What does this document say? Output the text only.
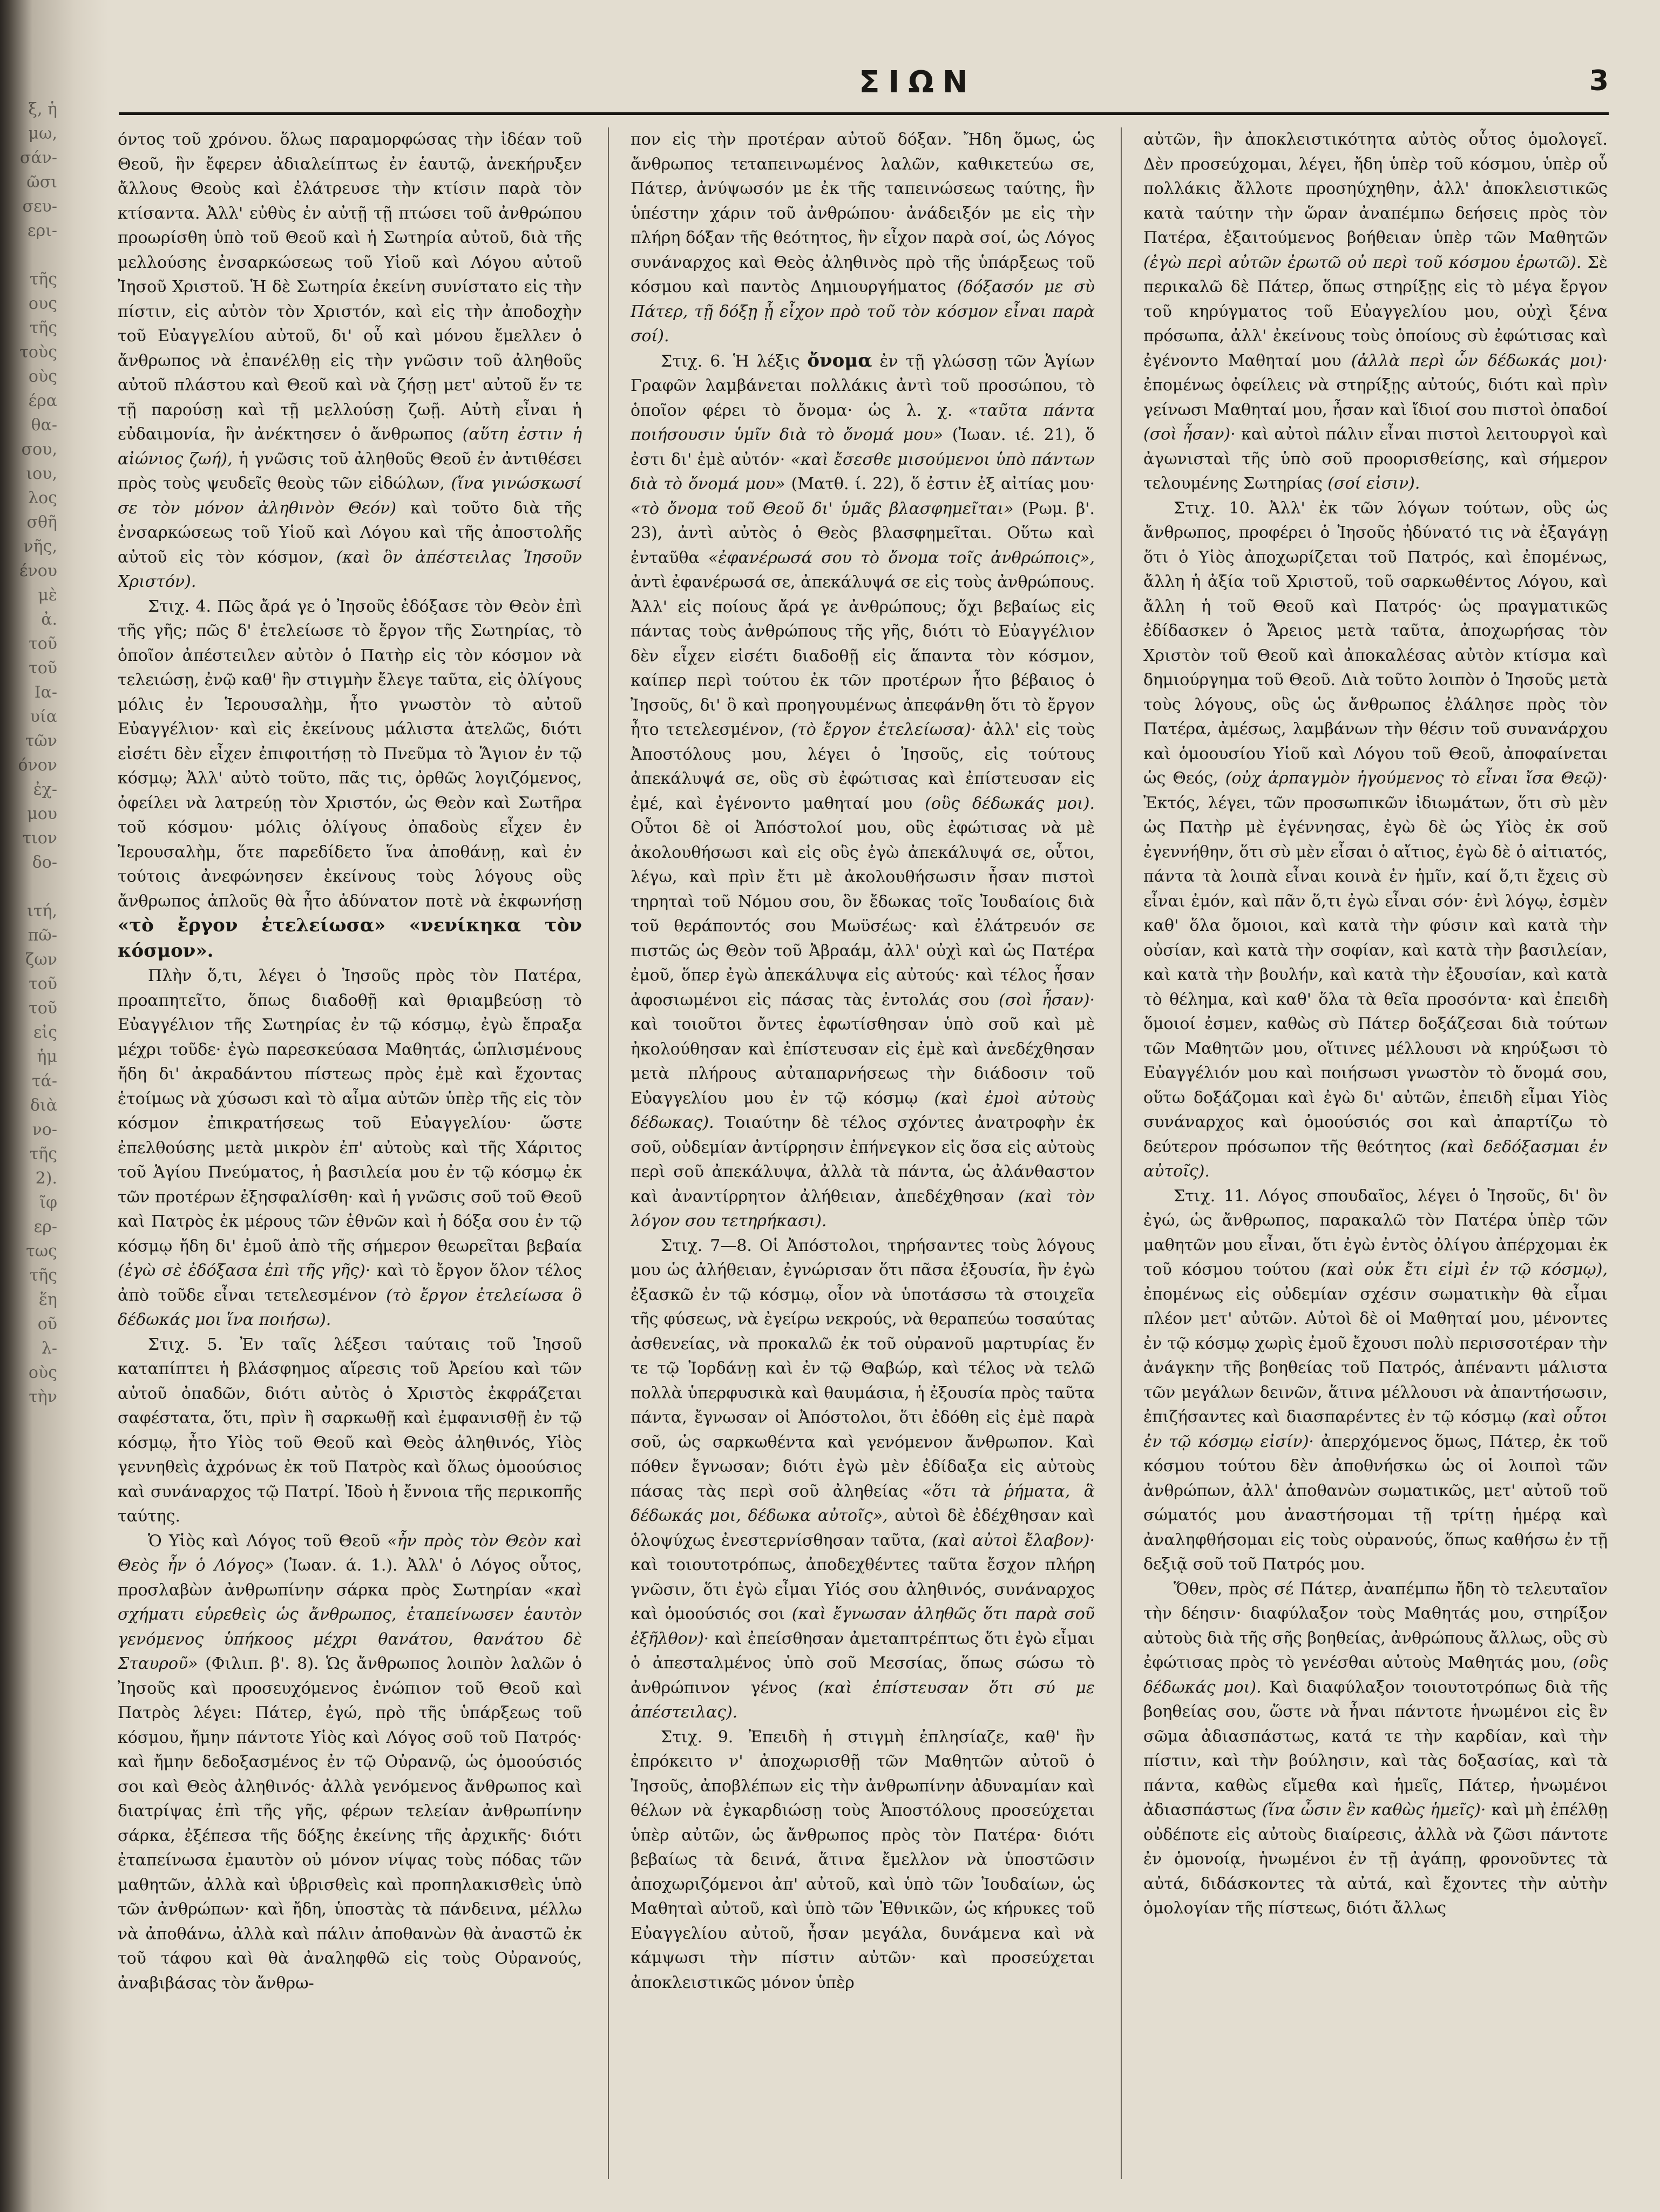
ξ, ἡ
μω,
σάν-
ῶσι
σευ-
ερι-

τῆς
ους
τῆς
τοὺς
οὺς
έρα
θα-
σου,
ιου,
λος
σθῆ
νῆς,
ένου
μὲ
ἀ.
τοῦ
τοῦ
Ια-
υία
τῶν
όνον
ἐχ-
μου
τιον
δο-

ιτή,
πῶ-
ζων
τοῦ
τοῦ
εἰς
ἡμ
τά-
διὰ
νο-
τῆς
2).
ῖφ
ερ-
τως
τῆς
ἕη
οῦ
λ-
οὺς
τὴν
ΣΙΩΝ	3

όντος τοῦ χρόνου. ὅλως παραμορφώσας τὴν ἰδέαν τοῦ Θεοῦ, ἣν ἔφερεν ἀδιαλείπτως ἐν ἑαυτῷ, ἀνεκήρυξεν ἄλλους Θεοὺς καὶ ἐλάτρευσε τὴν κτίσιν παρὰ τὸν κτίσαντα. Ἀλλ' εὐθὺς ἐν αὐτῇ τῇ πτώσει τοῦ ἀνθρώπου προωρίσθη ὑπὸ τοῦ Θεοῦ καὶ ἡ Σωτηρία αὐτοῦ, διὰ τῆς μελλούσης ἐνσαρκώσεως τοῦ Υἱοῦ καὶ Λόγου αὐτοῦ Ἰησοῦ Χριστοῦ. Ἡ δὲ Σωτηρία ἐκείνη συνίστατο εἰς τὴν πίστιν, εἰς αὐτὸν τὸν Χριστόν, καὶ εἰς τὴν ἀποδοχὴν τοῦ Εὐαγγελίου αὐτοῦ, δι' οὗ καὶ μόνου ἔμελλεν ὁ ἄνθρωπος νὰ ἐπανέλθῃ εἰς τὴν γνῶσιν τοῦ ἀληθοῦς αὐτοῦ πλάστου καὶ Θεοῦ καὶ νὰ ζήσῃ μετ' αὐτοῦ ἔν τε τῇ παρούσῃ καὶ τῇ μελλούσῃ ζωῇ. Αὐτὴ εἶναι ἡ εὐδαιμονία, ἣν ἀνέκτησεν ὁ ἄνθρωπος (αὕτη ἐστιν ἡ αἰώνιος ζωή), ἡ γνῶσις τοῦ ἀληθοῦς Θεοῦ ἐν ἀντιθέσει πρὸς τοὺς ψευδεῖς θεοὺς τῶν εἰδώλων, (ἵνα γινώσκωσί σε τὸν μόνον ἀληθινὸν Θεόν) καὶ τοῦτο διὰ τῆς ἐνσαρκώσεως τοῦ Υἱοῦ καὶ Λόγου καὶ τῆς ἀποστολῆς αὐτοῦ εἰς τὸν κόσμον, (καὶ ὃν ἀπέστειλας Ἰησοῦν Χριστόν).

Στιχ. 4. Πῶς ἄρά γε ὁ Ἰησοῦς ἐδόξασε τὸν Θεὸν ἐπὶ τῆς γῆς; πῶς δ' ἐτελείωσε τὸ ἔργον τῆς Σωτηρίας, τὸ ὁποῖον ἀπέστειλεν αὐτὸν ὁ Πατὴρ εἰς τὸν κόσμον νὰ τελειώσῃ, ἐνῷ καθ' ἣν στιγμὴν ἔλεγε ταῦτα, εἰς ὀλίγους μόλις ἐν Ἱερουσαλὴμ, ἦτο γνωστὸν τὸ αὐτοῦ Εὐαγγέλιον· καὶ εἰς ἐκείνους μάλιστα ἀτελῶς, διότι εἰσέτι δὲν εἶχεν ἐπιφοιτήσῃ τὸ Πνεῦμα τὸ Ἅγιον ἐν τῷ κόσμῳ; Ἀλλ' αὐτὸ τοῦτο, πᾶς τις, ὀρθῶς λογιζόμενος, ὀφείλει νὰ λατρεύῃ τὸν Χριστόν, ὡς Θεὸν καὶ Σωτῆρα τοῦ κόσμου· μόλις ὀλίγους ὀπαδοὺς εἶχεν ἐν Ἱερουσαλὴμ, ὅτε παρεδίδετο ἵνα ἀποθάνῃ, καὶ ἐν τούτοις ἀνεφώνησεν ἐκείνους τοὺς λόγους οὓς ἄνθρωπος ἁπλοῦς θὰ ἦτο ἀδύνατον ποτὲ νὰ ἐκφωνήσῃ «τὸ ἔργον ἐτελείωσα» «νενίκηκα τὸν κόσμον».

Πλὴν ὅ,τι, λέγει ὁ Ἰησοῦς πρὸς τὸν Πατέρα, προαπητεῖτο, ὅπως διαδοθῇ καὶ θριαμβεύσῃ τὸ Εὐαγγέλιον τῆς Σωτηρίας ἐν τῷ κόσμῳ, ἐγὼ ἔπραξα μέχρι τοῦδε· ἐγὼ παρεσκεύασα Μαθητάς, ὡπλισμένους ἤδη δι' ἀκραδάντου πίστεως πρὸς ἐμὲ καὶ ἔχοντας ἑτοίμως νὰ χύσωσι καὶ τὸ αἷμα αὐτῶν ὑπὲρ τῆς εἰς τὸν κόσμον ἐπικρατήσεως τοῦ Εὐαγγελίου· ὥστε ἐπελθούσης μετὰ μικρὸν ἐπ' αὐτοὺς καὶ τῆς Χάριτος τοῦ Ἁγίου Πνεύματος, ἡ βασιλεία μου ἐν τῷ κόσμῳ ἐκ τῶν προτέρων ἐξησφαλίσθη· καὶ ἡ γνῶσις σοῦ τοῦ Θεοῦ καὶ Πατρὸς ἐκ μέρους τῶν ἐθνῶν καὶ ἡ δόξα σου ἐν τῷ κόσμῳ ἤδη δι' ἐμοῦ ἀπὸ τῆς σήμερον θεωρεῖται βεβαία (ἐγὼ σὲ ἐδόξασα ἐπὶ τῆς γῆς)· καὶ τὸ ἔργον ὅλον τέλος ἀπὸ τοῦδε εἶναι τετελεσμένον (τὸ ἔργον ἐτελείωσα ὃ δέδωκάς μοι ἵνα ποιήσω).

Στιχ. 5. Ἐν ταῖς λέξεσι ταύταις τοῦ Ἰησοῦ καταπίπτει ἡ βλάσφημος αἵρεσις τοῦ Ἀρείου καὶ τῶν αὐτοῦ ὀπαδῶν, διότι αὐτὸς ὁ Χριστὸς ἐκφράζεται σαφέστατα, ὅτι, πρὶν ἢ σαρκωθῇ καὶ ἐμφανισθῇ ἐν τῷ κόσμῳ, ἦτο Υἱὸς τοῦ Θεοῦ καὶ Θεὸς ἀληθινός, Υἱὸς γεννηθεὶς ἀχρόνως ἐκ τοῦ Πατρὸς καὶ ὅλως ὁμοούσιος καὶ συνάναρχος τῷ Πατρί. Ἰδοὺ ἡ ἔννοια τῆς περικοπῆς ταύτης.

Ὁ Υἱὸς καὶ Λόγος τοῦ Θεοῦ «ἦν πρὸς τὸν Θεὸν καὶ Θεὸς ἦν ὁ Λόγος» (Ἰωαν. ά. 1.). Ἀλλ' ὁ Λόγος οὗτος, προσλαβὼν ἀνθρωπίνην σάρκα πρὸς Σωτηρίαν «καὶ σχήματι εὑρεθεὶς ὡς ἄνθρωπος, ἐταπείνωσεν ἑαυτὸν γενόμενος ὑπήκοος μέχρι θανάτου, θανάτου δὲ Σταυροῦ» (Φιλιπ. β'. 8). Ὡς ἄνθρωπος λοιπὸν λαλῶν ὁ Ἰησοῦς καὶ προσευχόμενος ἐνώπιον τοῦ Θεοῦ καὶ Πατρὸς λέγει: Πάτερ, ἐγώ, πρὸ τῆς ὑπάρξεως τοῦ κόσμου, ἤμην πάντοτε Υἱὸς καὶ Λόγος σοῦ τοῦ Πατρός· καὶ ἤμην δεδοξασμένος ἐν τῷ Οὐρανῷ, ὡς ὁμοούσιός σοι καὶ Θεὸς ἀληθινός· ἀλλὰ γενόμενος ἄνθρωπος καὶ διατρίψας ἐπὶ τῆς γῆς, φέρων τελείαν ἀνθρωπίνην σάρκα, ἐξέπεσα τῆς δόξης ἐκείνης τῆς ἀρχικῆς· διότι ἐταπείνωσα ἐμαυτὸν οὐ μόνον νίψας τοὺς πόδας τῶν μαθητῶν, ἀλλὰ καὶ ὑβρισθεὶς καὶ προπηλακισθεὶς ὑπὸ τῶν ἀνθρώπων· καὶ ἤδη, ὑποστὰς τὰ πάνδεινα, μέλλω νὰ ἀποθάνω, ἀλλὰ καὶ πάλιν ἀποθανὼν θὰ ἀναστῶ ἐκ τοῦ τάφου καὶ θὰ ἀναληφθῶ εἰς τοὺς Οὐρανούς, ἀναβιβάσας τὸν ἄνθρω-

πον εἰς τὴν προτέραν αὐτοῦ δόξαν. Ἤδη ὅμως, ὡς ἄνθρωπος τεταπεινωμένος λαλῶν, καθικετεύω σε, Πάτερ, ἀνύψωσόν με ἐκ τῆς ταπεινώσεως ταύτης, ἣν ὑπέστην χάριν τοῦ ἀνθρώπου· ἀνάδειξόν με εἰς τὴν πλήρη δόξαν τῆς θεότητος, ἣν εἶχον παρὰ σοί, ὡς Λόγος συνάναρχος καὶ Θεὸς ἀληθινὸς πρὸ τῆς ὑπάρξεως τοῦ κόσμου καὶ παντὸς Δημιουργήματος (δόξασόν με σὺ Πάτερ, τῇ δόξῃ ᾗ εἶχον πρὸ τοῦ τὸν κόσμον εἶναι παρὰ σοί).

Στιχ. 6. Ἡ λέξις ὄνομα ἐν τῇ γλώσσῃ τῶν Ἁγίων Γραφῶν λαμβάνεται πολλάκις ἀντὶ τοῦ προσώπου, τὸ ὁποῖον φέρει τὸ ὄνομα· ὡς λ. χ. «ταῦτα πάντα ποιήσουσιν ὑμῖν διὰ τὸ ὄνομά μου» (Ἰωαν. ιέ. 21), ὅ ἐστι δι' ἐμὲ αὐτόν· «καὶ ἔσεσθε μισούμενοι ὑπὸ πάντων διὰ τὸ ὄνομά μου» (Ματθ. ί. 22), ὅ ἐστιν ἐξ αἰτίας μου· «τὸ ὄνομα τοῦ Θεοῦ δι' ὑμᾶς βλασφημεῖται» (Ρωμ. β'. 23), ἀντὶ αὐτὸς ὁ Θεὸς βλασφημεῖται. Οὕτω καὶ ἐνταῦθα «ἐφανέρωσά σου τὸ ὄνομα τοῖς ἀνθρώποις», ἀντὶ ἐφανέρωσά σε, ἀπεκάλυψά σε εἰς τοὺς ἀνθρώπους. Ἀλλ' εἰς ποίους ἄρά γε ἀνθρώπους; ὄχι βεβαίως εἰς πάντας τοὺς ἀνθρώπους τῆς γῆς, διότι τὸ Εὐαγγέλιον δὲν εἶχεν εἰσέτι διαδοθῇ εἰς ἅπαντα τὸν κόσμον, καίπερ περὶ τούτου ἐκ τῶν προτέρων ἦτο βέβαιος ὁ Ἰησοῦς, δι' ὃ καὶ προηγουμένως ἀπεφάνθη ὅτι τὸ ἔργον ἦτο τετελεσμένον, (τὸ ἔργον ἐτελείωσα)· ἀλλ' εἰς τοὺς Ἀποστόλους μου, λέγει ὁ Ἰησοῦς, εἰς τούτους ἀπεκάλυψά σε, οὓς σὺ ἐφώτισας καὶ ἐπίστευσαν εἰς ἐμέ, καὶ ἐγένοντο μαθηταί μου (οὓς δέδωκάς μοι). Οὗτοι δὲ οἱ Ἀπόστολοί μου, οὓς ἐφώτισας νὰ μὲ ἀκολουθήσωσι καὶ εἰς οὓς ἐγὼ ἀπεκάλυψά σε, οὗτοι, λέγω, καὶ πρὶν ἔτι μὲ ἀκολουθήσωσιν ἦσαν πιστοὶ τηρηταὶ τοῦ Νόμου σου, ὃν ἔδωκας τοῖς Ἰουδαίοις διὰ τοῦ θεράποντός σου Μωϋσέως· καὶ ἐλάτρευόν σε πιστῶς ὡς Θεὸν τοῦ Ἀβραάμ, ἀλλ' οὐχὶ καὶ ὡς Πατέρα ἐμοῦ, ὅπερ ἐγὼ ἀπεκάλυψα εἰς αὐτούς· καὶ τέλος ἦσαν ἀφοσιωμένοι εἰς πάσας τὰς ἐντολάς σου (σοὶ ἦσαν)· καὶ τοιοῦτοι ὄντες ἐφωτίσθησαν ὑπὸ σοῦ καὶ μὲ ἠκολούθησαν καὶ ἐπίστευσαν εἰς ἐμὲ καὶ ἀνεδέχθησαν μετὰ πλήρους αὐταπαρνήσεως τὴν διάδοσιν τοῦ Εὐαγγελίου μου ἐν τῷ κόσμῳ (καὶ ἐμοὶ αὐτοὺς δέδωκας). Τοιαύτην δὲ τέλος σχόντες ἀνατροφὴν ἐκ σοῦ, οὐδεμίαν ἀντίρρησιν ἐπήνεγκον εἰς ὅσα εἰς αὐτοὺς περὶ σοῦ ἀπεκάλυψα, ἀλλὰ τὰ πάντα, ὡς ἀλάνθαστον καὶ ἀναντίρρητον ἀλήθειαν, ἀπεδέχθησαν (καὶ τὸν λόγον σου τετηρήκασι).

Στιχ. 7—8. Οἱ Ἀπόστολοι, τηρήσαντες τοὺς λόγους μου ὡς ἀλήθειαν, ἐγνώρισαν ὅτι πᾶσα ἐξουσία, ἣν ἐγὼ ἐξασκῶ ἐν τῷ κόσμῳ, οἷον νὰ ὑποτάσσω τὰ στοιχεῖα τῆς φύσεως, νὰ ἐγείρω νεκρούς, νὰ θεραπεύω τοσαύτας ἀσθενείας, νὰ προκαλῶ ἐκ τοῦ οὐρανοῦ μαρτυρίας ἔν τε τῷ Ἰορδάνῃ καὶ ἐν τῷ Θαβώρ, καὶ τέλος νὰ τελῶ πολλὰ ὑπερφυσικὰ καὶ θαυμάσια, ἡ ἐξουσία πρὸς ταῦτα πάντα, ἔγνωσαν οἱ Ἀπόστολοι, ὅτι ἐδόθη εἰς ἐμὲ παρὰ σοῦ, ὡς σαρκωθέντα καὶ γενόμενον ἄνθρωπον. Καὶ πόθεν ἔγνωσαν; διότι ἐγὼ μὲν ἐδίδαξα εἰς αὐτοὺς πάσας τὰς περὶ σοῦ ἀληθείας «ὅτι τὰ ῥήματα, ἃ δέδωκάς μοι, δέδωκα αὐτοῖς», αὐτοὶ δὲ ἐδέχθησαν καὶ ὁλοψύχως ἐνεστερνίσθησαν ταῦτα, (καὶ αὐτοὶ ἔλαβον)· καὶ τοιουτοτρόπως, ἀποδεχθέντες ταῦτα ἔσχον πλήρη γνῶσιν, ὅτι ἐγὼ εἶμαι Υἱός σου ἀληθινός, συνάναρχος καὶ ὁμοούσιός σοι (καὶ ἔγνωσαν ἀληθῶς ὅτι παρὰ σοῦ ἐξῆλθον)· καὶ ἐπείσθησαν ἀμεταπτρέπτως ὅτι ἐγὼ εἶμαι ὁ ἀπεσταλμένος ὑπὸ σοῦ Μεσσίας, ὅπως σώσω τὸ ἀνθρώπινον γένος (καὶ ἐπίστευσαν ὅτι σύ με ἀπέστειλας).

Στιχ. 9. Ἐπειδὴ ἡ στιγμὴ ἐπλησίαζε, καθ' ἣν ἐπρόκειτο ν' ἀποχωρισθῇ τῶν Μαθητῶν αὐτοῦ ὁ Ἰησοῦς, ἀποβλέπων εἰς τὴν ἀνθρωπίνην ἀδυναμίαν καὶ θέλων νὰ ἐγκαρδιώσῃ τοὺς Ἀποστόλους προσεύχεται ὑπὲρ αὐτῶν, ὡς ἄνθρωπος πρὸς τὸν Πατέρα· διότι βεβαίως τὰ δεινά, ἅτινα ἔμελλον νὰ ὑποστῶσιν ἀποχωριζόμενοι ἀπ' αὐτοῦ, καὶ ὑπὸ τῶν Ἰουδαίων, ὡς Μαθηταὶ αὐτοῦ, καὶ ὑπὸ τῶν Ἐθνικῶν, ὡς κήρυκες τοῦ Εὐαγγελίου αὐτοῦ, ἦσαν μεγάλα, δυνάμενα καὶ νὰ κάμψωσι τὴν πίστιν αὐτῶν· καὶ προσεύχεται ἀποκλειστικῶς μόνον ὑπὲρ

αὐτῶν, ἣν ἀποκλειστικότητα αὐτὸς οὗτος ὁμολογεῖ. Δὲν προσεύχομαι, λέγει, ἤδη ὑπὲρ τοῦ κόσμου, ὑπὲρ οὗ πολλάκις ἄλλοτε προσηύχηθην, ἀλλ' ἀποκλειστικῶς κατὰ ταύτην τὴν ὥραν ἀναπέμπω δεήσεις πρὸς τὸν Πατέρα, ἐξαιτούμενος βοήθειαν ὑπὲρ τῶν Μαθητῶν (ἐγὼ περὶ αὐτῶν ἐρωτῶ οὐ περὶ τοῦ κόσμου ἐρωτῶ). Σὲ περικαλῶ δὲ Πάτερ, ὅπως στηρίξῃς εἰς τὸ μέγα ἔργον τοῦ κηρύγματος τοῦ Εὐαγγελίου μου, οὐχὶ ξένα πρόσωπα, ἀλλ' ἐκείνους τοὺς ὁποίους σὺ ἐφώτισας καὶ ἐγένοντο Μαθηταί μου (ἀλλὰ περὶ ὧν δέδωκάς μοι)· ἐπομένως ὀφείλεις νὰ στηρίξῃς αὐτούς, διότι καὶ πρὶν γείνωσι Μαθηταί μου, ἦσαν καὶ ἴδιοί σου πιστοὶ ὀπαδοί (σοὶ ἦσαν)· καὶ αὐτοὶ πάλιν εἶναι πιστοὶ λειτουργοὶ καὶ ἀγωνισταὶ τῆς ὑπὸ σοῦ προορισθείσης, καὶ σήμερον τελουμένης Σωτηρίας (σοί εἰσιν).

Στιχ. 10. Ἀλλ' ἐκ τῶν λόγων τούτων, οὓς ὡς ἄνθρωπος, προφέρει ὁ Ἰησοῦς ἠδύνατό τις νὰ ἐξαγάγῃ ὅτι ὁ Υἱὸς ἀποχωρίζεται τοῦ Πατρός, καὶ ἐπομένως, ἄλλη ἡ ἀξία τοῦ Χριστοῦ, τοῦ σαρκωθέντος Λόγου, καὶ ἄλλη ἡ τοῦ Θεοῦ καὶ Πατρός· ὡς πραγματικῶς ἐδίδασκεν ὁ Ἄρειος μετὰ ταῦτα, ἀποχωρήσας τὸν Χριστὸν τοῦ Θεοῦ καὶ ἀποκαλέσας αὐτὸν κτίσμα καὶ δημιούργημα τοῦ Θεοῦ. Διὰ τοῦτο λοιπὸν ὁ Ἰησοῦς μετὰ τοὺς λόγους, οὓς ὡς ἄνθρωπος ἐλάλησε πρὸς τὸν Πατέρα, ἀμέσως, λαμβάνων τὴν θέσιν τοῦ συνανάρχου καὶ ὁμοουσίου Υἱοῦ καὶ Λόγου τοῦ Θεοῦ, ἀποφαίνεται ὡς Θεός, (οὐχ ἁρπαγμὸν ἡγούμενος τὸ εἶναι ἴσα Θεῷ)· Ἐκτός, λέγει, τῶν προσωπικῶν ἰδιωμάτων, ὅτι σὺ μὲν ὡς Πατὴρ μὲ ἐγέννησας, ἐγὼ δὲ ὡς Υἱὸς ἐκ σοῦ ἐγεννήθην, ὅτι σὺ μὲν εἶσαι ὁ αἴτιος, ἐγὼ δὲ ὁ αἰτιατός, πάντα τὰ λοιπὰ εἶναι κοινὰ ἐν ἡμῖν, καί ὅ,τι ἔχεις σὺ εἶναι ἐμόν, καὶ πᾶν ὅ,τι ἐγὼ εἶναι σόν· ἑνὶ λόγῳ, ἐσμὲν καθ' ὅλα ὅμοιοι, καὶ κατὰ τὴν φύσιν καὶ κατὰ τὴν οὐσίαν, καὶ κατὰ τὴν σοφίαν, καὶ κατὰ τὴν βασιλείαν, καὶ κατὰ τὴν βουλήν, καὶ κατὰ τὴν ἐξουσίαν, καὶ κατὰ τὸ θέλημα, καὶ καθ' ὅλα τὰ θεῖα προσόντα· καὶ ἐπειδὴ ὅμοιοί ἐσμεν, καθὼς σὺ Πάτερ δοξάζεσαι διὰ τούτων τῶν Μαθητῶν μου, οἵτινες μέλλουσι νὰ κηρύξωσι τὸ Εὐαγγέλιόν μου καὶ ποιήσωσι γνωστὸν τὸ ὄνομά σου, οὕτω δοξάζομαι καὶ ἐγὼ δι' αὐτῶν, ἐπειδὴ εἶμαι Υἱὸς συνάναρχος καὶ ὁμοούσιός σοι καὶ ἀπαρτίζω τὸ δεύτερον πρόσωπον τῆς θεότητος (καὶ δεδόξασμαι ἐν αὐτοῖς).

Στιχ. 11. Λόγος σπουδαῖος, λέγει ὁ Ἰησοῦς, δι' ὃν ἐγώ, ὡς ἄνθρωπος, παρακαλῶ τὸν Πατέρα ὑπὲρ τῶν μαθητῶν μου εἶναι, ὅτι ἐγὼ ἐντὸς ὀλίγου ἀπέρχομαι ἐκ τοῦ κόσμου τούτου (καὶ οὐκ ἔτι εἰμὶ ἐν τῷ κόσμῳ), ἐπομένως εἰς οὐδεμίαν σχέσιν σωματικὴν θὰ εἶμαι πλέον μετ' αὐτῶν. Αὐτοὶ δὲ οἱ Μαθηταί μου, μένοντες ἐν τῷ κόσμῳ χωρὶς ἐμοῦ ἔχουσι πολὺ περισσοτέραν τὴν ἀνάγκην τῆς βοηθείας τοῦ Πατρός, ἀπέναντι μάλιστα τῶν μεγάλων δεινῶν, ἅτινα μέλλουσι νὰ ἀπαντήσωσιν, ἐπιζήσαντες καὶ διασπαρέντες ἐν τῷ κόσμῳ (καὶ οὗτοι ἐν τῷ κόσμῳ εἰσίν)· ἀπερχόμενος ὅμως, Πάτερ, ἐκ τοῦ κόσμου τούτου δὲν ἀποθνήσκω ὡς οἱ λοιποὶ τῶν ἀνθρώπων, ἀλλ' ἀποθανὼν σωματικῶς, μετ' αὐτοῦ τοῦ σώματός μου ἀναστήσομαι τῇ τρίτῃ ἡμέρᾳ καὶ ἀναληφθήσομαι εἰς τοὺς οὐρανούς, ὅπως καθήσω ἐν τῇ δεξιᾷ σοῦ τοῦ Πατρός μου.

Ὅθεν, πρὸς σέ Πάτερ, ἀναπέμπω ἤδη τὸ τελευταῖον τὴν δέησιν· διαφύλαξον τοὺς Μαθητάς μου, στηρίξον αὐτοὺς διὰ τῆς σῆς βοηθείας, ἀνθρώπους ἄλλως, οὓς σὺ ἐφώτισας πρὸς τὸ γενέσθαι αὐτοὺς Μαθητάς μου, (οὓς δέδωκάς μοι). Καὶ διαφύλαξον τοιουτοτρόπως διὰ τῆς βοηθείας σου, ὥστε νὰ ἦναι πάντοτε ἡνωμένοι εἰς ἓν σῶμα ἀδιασπάστως, κατά τε τὴν καρδίαν, καὶ τὴν πίστιν, καὶ τὴν βούλησιν, καὶ τὰς δοξασίας, καὶ τὰ πάντα, καθὼς εἴμεθα καὶ ἡμεῖς, Πάτερ, ἡνωμένοι ἀδιασπάστως (ἵνα ὦσιν ἓν καθὼς ἡμεῖς)· καὶ μὴ ἐπέλθῃ οὐδέποτε εἰς αὐτοὺς διαίρεσις, ἀλλὰ νὰ ζῶσι πάντοτε ἐν ὁμονοίᾳ, ἡνωμένοι ἐν τῇ ἀγάπῃ, φρονοῦντες τὰ αὐτά, διδάσκοντες τὰ αὐτά, καὶ ἔχοντες τὴν αὐτὴν ὁμολογίαν τῆς πίστεως, διότι ἄλλως
